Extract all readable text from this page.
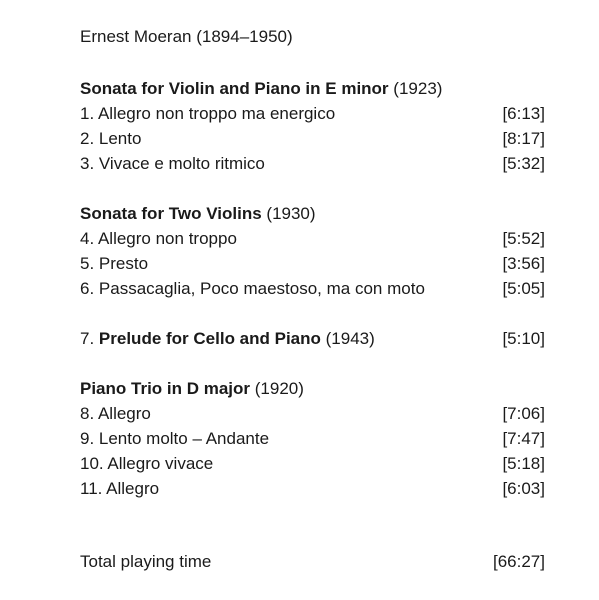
Ernest Moeran (1894–1950)
Sonata for Violin and Piano in E minor (1923)
1. Allegro non troppo ma energico	[6:13]
2. Lento	[8:17]
3. Vivace e molto ritmico	[5:32]
Sonata for Two Violins (1930)
4. Allegro non troppo	[5:52]
5. Presto	[3:56]
6. Passacaglia, Poco maestoso, ma con moto	[5:05]
7. Prelude for Cello and Piano (1943)	[5:10]
Piano Trio in D major (1920)
8. Allegro	[7:06]
9. Lento molto – Andante	[7:47]
10. Allegro vivace	[5:18]
11. Allegro	[6:03]
Total playing time	[66:27]
